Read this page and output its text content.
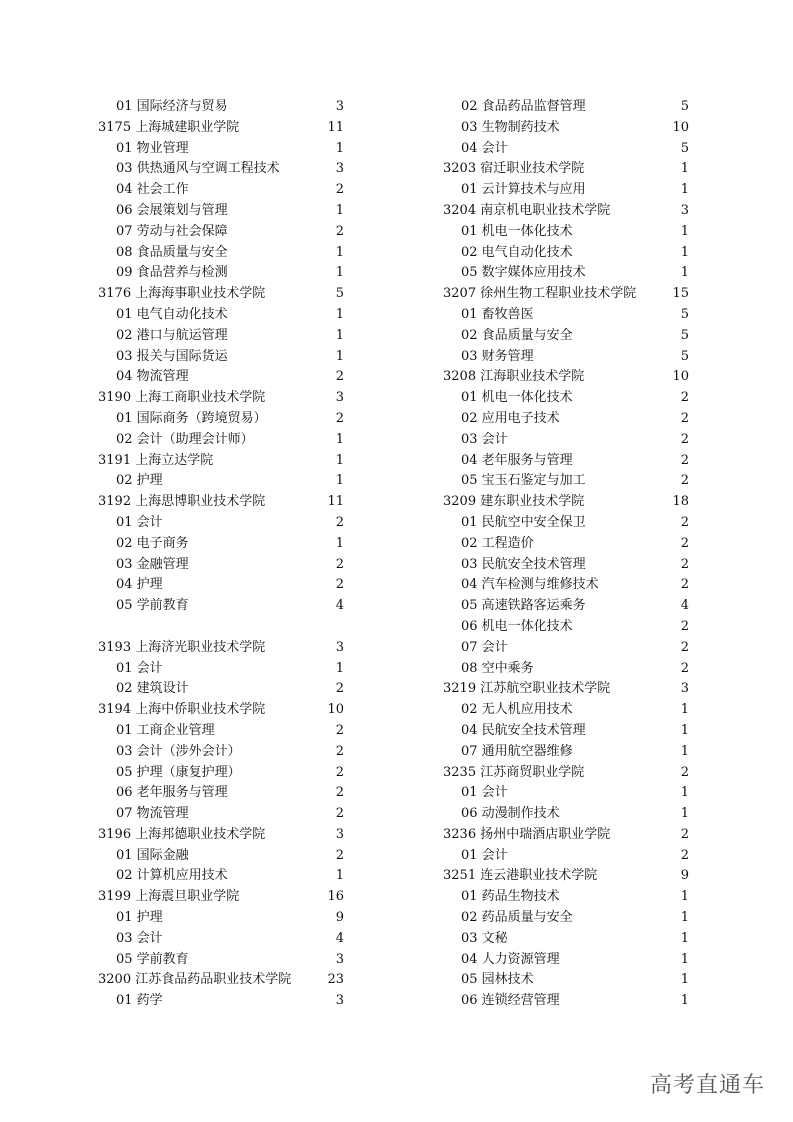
01 国际经济与贸易	3
3175 上海城建职业学院	11
01 物业管理	1
03 供热通风与空调工程技术	3
04 社会工作	2
06 会展策划与管理	1
07 劳动与社会保障	2
08 食品质量与安全	1
09 食品营养与检测	1
3176 上海海事职业技术学院	5
01 电气自动化技术	1
02 港口与航运管理	1
03 报关与国际货运	1
04 物流管理	2
3190 上海工商职业技术学院	3
01 国际商务（跨境贸易）	2
02 会计（助理会计师）	1
3191 上海立达学院	1
02 护理	1
3192 上海思博职业技术学院	11
01 会计	2
02 电子商务	1
03 金融管理	2
04 护理	2
05 学前教育	4
3193 上海济光职业技术学院	3
01 会计	1
02 建筑设计	2
3194 上海中侨职业技术学院	10
01 工商企业管理	2
03 会计（涉外会计）	2
05 护理（康复护理）	2
06 老年服务与管理	2
07 物流管理	2
3196 上海邦德职业技术学院	3
01 国际金融	2
02 计算机应用技术	1
3199 上海震旦职业学院	16
01 护理	9
03 会计	4
05 学前教育	3
3200 江苏食品药品职业技术学院	23
01 药学	3
02 食品药品监督管理	5
03 生物制药技术	10
04 会计	5
3203 宿迁职业技术学院	1
01 云计算技术与应用	1
3204 南京机电职业技术学院	3
01 机电一体化技术	1
02 电气自动化技术	1
05 数字媒体应用技术	1
3207 徐州生物工程职业技术学院	15
01 畜牧兽医	5
02 食品质量与安全	5
03 财务管理	5
3208 江海职业技术学院	10
01 机电一体化技术	2
02 应用电子技术	2
03 会计	2
04 老年服务与管理	2
05 宝玉石鉴定与加工	2
3209 建东职业技术学院	18
01 民航空中安全保卫	2
02 工程造价	2
03 民航安全技术管理	2
04 汽车检测与维修技术	2
05 高速铁路客运乘务	4
06 机电一体化技术	2
07 会计	2
08 空中乘务	2
3219 江苏航空职业技术学院	3
02 无人机应用技术	1
04 民航安全技术管理	1
07 通用航空器维修	1
3235 江苏商贸职业学院	2
01 会计	1
06 动漫制作技术	1
3236 扬州中瑞酒店职业学院	2
01 会计	2
3251 连云港职业技术学院	9
01 药品生物技术	1
02 药品质量与安全	1
03 文秘	1
04 人力资源管理	1
05 园林技术	1
06 连锁经营管理	1
高考直通车
